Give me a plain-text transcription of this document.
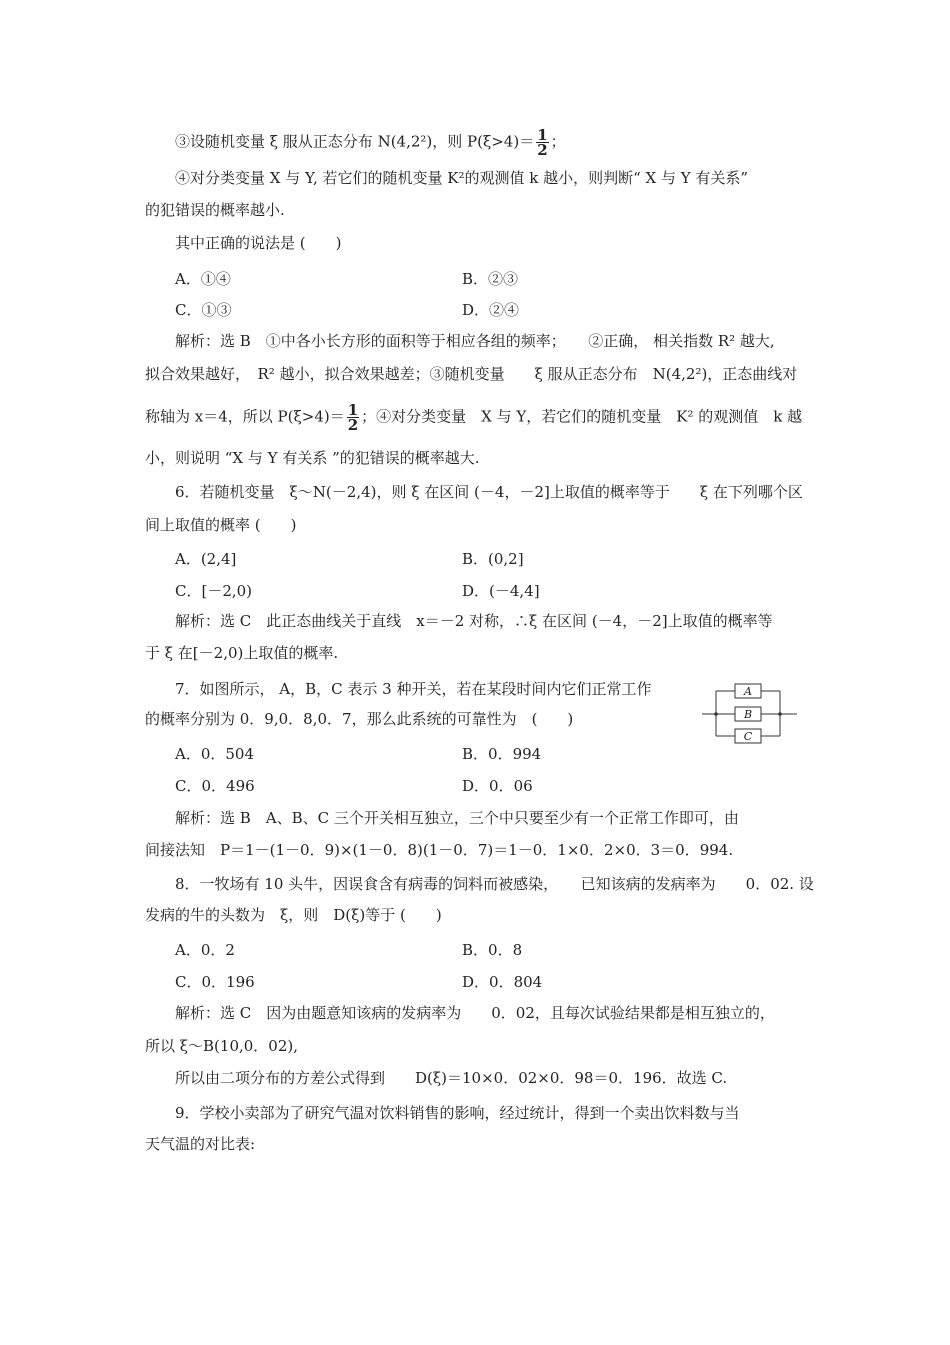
③设随机变量 ξ 服从正态分布 N(4,2²)，则 $P(\xi>4)= \frac{1}{2}$ ；
④对分类变量 X 与 Y, 若它们的随机变量 K²的观测值 k 越小，则判断“ X 与 Y 有关系”
的犯错误的概率越小.
其中正确的说法是 (　　)
A．①④	B．②③
C．①③	D．②④
解析：选 B　①中各小长方形的面积等于相应各组的频率；　　②正确， 相关指数 R² 越大,
拟合效果越好，　R² 越小，拟合效果越差；③随机变量　　ξ 服从正态分布　N(4,2²)，正态曲线对
称轴为 x＝4，所以 $P(\xi>4)= \frac{1}{2}$ ；④对分类变量　X 与 Y，若它们的随机变量　K² 的观测值　k 越
小，则说明 “X 与 Y 有关系 ”的犯错误的概率越大.
6．若随机变量　ξ～N(－2,4)，则 ξ 在区间 (－4，－2]上取值的概率等于　　ξ 在下列哪个区
间上取值的概率 (　　)
A．(2,4]	B．(0,2]
C．[－2,0)	D．(－4,4]
解析：选 C　此正态曲线关于直线　x＝－2 对称，∴ξ 在区间 (－4，－2]上取值的概率等
于 ξ 在[－2,0)上取值的概率.
7．如图所示， A，B，C 表示 3 种开关，若在某段时间内它们正常工作
的概率分别为 0．9,0．8,0．7，那么此系统的可靠性为　(　　)
A
B
C
A．0．504	B．0．994
C．0．496	D．0．06
解析：选 B　A、B、C 三个开关相互独立，三个中只要至少有一个正常工作即可，由
间接法知　P＝1－(1－0．9)×(1－0．8)(1－0．7)＝1－0．1×0．2×0．3＝0．994.
8．一牧场有 10 头牛，因误食含有病毒的饲料而被感染，　　已知该病的发病率为　　0．02. 设
发病的牛的头数为　ξ，则　D(ξ)等于 (　　)
A．0．2	B．0．8
C．0．196	D．0．804
解析：选 C　因为由题意知该病的发病率为　　0．02，且每次试验结果都是相互独立的，
所以 ξ～B(10,0．02),
所以由二项分布的方差公式得到　　D(ξ)＝10×0．02×0．98＝0．196．故选 C.
9．学校小卖部为了研究气温对饮料销售的影响，经过统计，得到一个卖出饮料数与当
天气温的对比表:
